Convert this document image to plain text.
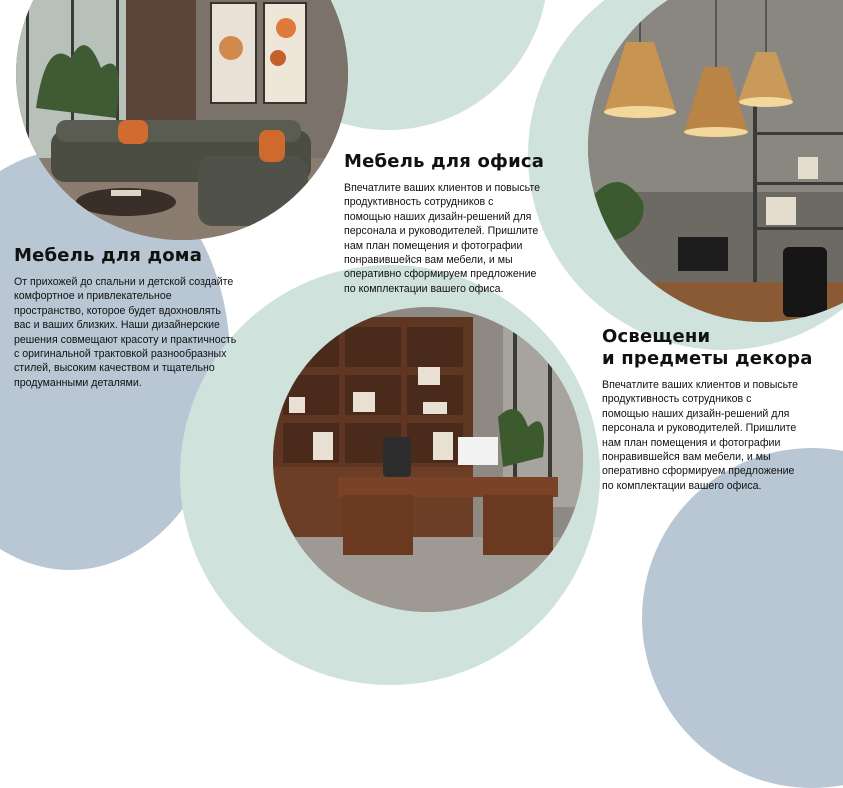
Мебель для дома

От прихожей до спальни и детской создайте
комфортное и привлекательное
пространство, которое будет вдохновлять
вас и ваших близких. Наши дизайнерские
решения совмещают красоту и практичность
с оригинальной трактовкой разнообразных
стилей, высоким качеством и тщательно
продуманными деталями.

Мебель для офиса

Впечатлите ваших клиентов и повысьте
продуктивность сотрудников с
помощью наших дизайн-решений для
персонала и руководителей. Пришлите
нам план помещения и фотографии
понравившейся вам мебели, и мы
оперативно сформируем предложение
по комплектации вашего офиса.

Освещени
и предметы декора

Впечатлите ваших клиентов и повысьте
продуктивность сотрудников с
помощью наших дизайн-решений для
персонала и руководителей. Пришлите
нам план помещения и фотографии
понравившейся вам мебели, и мы
оперативно сформируем предложение
по комплектации вашего офиса.
